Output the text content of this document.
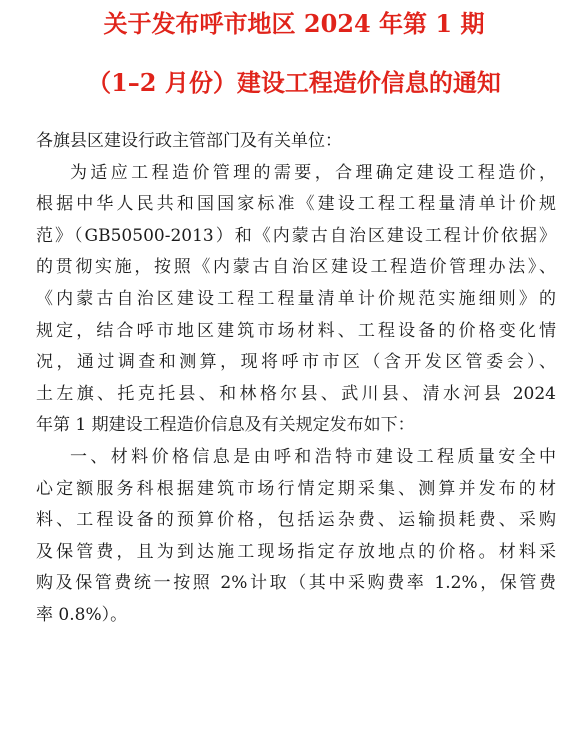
关于发布呼市地区 2024 年第 1 期
（1–2 月份）建设工程造价信息的通知
各旗县区建设行政主管部门及有关单位：
为适应工程造价管理的需要，合理确定建设工程造价，
根据中华人民共和国国家标准《建设工程工程量清单计价规
范》（GB50500-2013）和《内蒙古自治区建设工程计价依据》
的贯彻实施，按照《内蒙古自治区建设工程造价管理办法》、
《内蒙古自治区建设工程工程量清单计价规范实施细则》的
规定，结合呼市地区建筑市场材料、工程设备的价格变化情
况，通过调查和测算，现将呼市市区（含开发区管委会）、
土左旗、托克托县、和林格尔县、武川县、清水河县 2024
年第 1 期建设工程造价信息及有关规定发布如下：
一、材料价格信息是由呼和浩特市建设工程质量安全中
心定额服务科根据建筑市场行情定期采集、测算并发布的材
料、工程设备的预算价格，包括运杂费、运输损耗费、采购
及保管费，且为到达施工现场指定存放地点的价格。材料采
购及保管费统一按照 2%计取（其中采购费率 1.2%，保管费
率 0.8%）。
